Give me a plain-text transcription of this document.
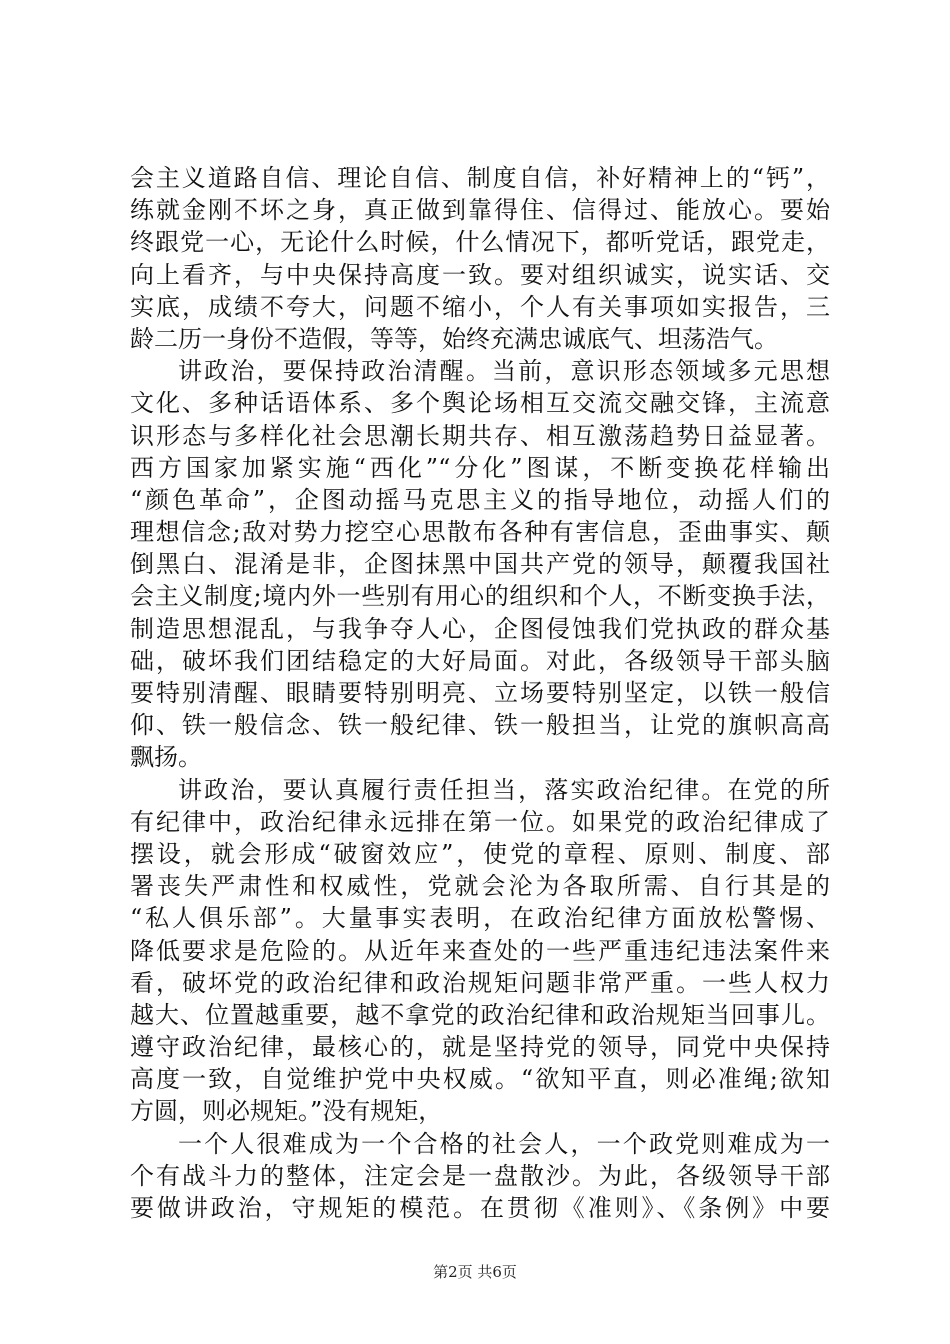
会主义道路自信、理论自信、制度自信，补好精神上的“钙”，
练就金刚不坏之身，真正做到靠得住、信得过、能放心。要始
终跟党一心，无论什么时候，什么情况下，都听党话，跟党走，
向上看齐，与中央保持高度一致。要对组织诚实，说实话、交
实底，成绩不夸大，问题不缩小，个人有关事项如实报告，三
龄二历一身份不造假，等等，始终充满忠诚底气、坦荡浩气。
讲政治，要保持政治清醒。当前，意识形态领域多元思想
文化、多种话语体系、多个舆论场相互交流交融交锋，主流意
识形态与多样化社会思潮长期共存、相互激荡趋势日益显著。
西方国家加紧实施“西化”“分化”图谋，不断变换花样输出
“颜色革命”，企图动摇马克思主义的指导地位，动摇人们的
理想信念;敌对势力挖空心思散布各种有害信息，歪曲事实、颠
倒黑白、混淆是非，企图抹黑中国共产党的领导，颠覆我国社
会主义制度;境内外一些别有用心的组织和个人，不断变换手法，
制造思想混乱，与我争夺人心，企图侵蚀我们党执政的群众基
础，破坏我们团结稳定的大好局面。对此，各级领导干部头脑
要特别清醒、眼睛要特别明亮、立场要特别坚定，以铁一般信
仰、铁一般信念、铁一般纪律、铁一般担当，让党的旗帜高高
飘扬。
讲政治，要认真履行责任担当，落实政治纪律。在党的所
有纪律中，政治纪律永远排在第一位。如果党的政治纪律成了
摆设，就会形成“破窗效应”，使党的章程、原则、制度、部
署丧失严肃性和权威性，党就会沦为各取所需、自行其是的
“私人俱乐部”。大量事实表明，在政治纪律方面放松警惕、
降低要求是危险的。从近年来查处的一些严重违纪违法案件来
看，破坏党的政治纪律和政治规矩问题非常严重。一些人权力
越大、位置越重要，越不拿党的政治纪律和政治规矩当回事儿。
遵守政治纪律，最核心的，就是坚持党的领导，同党中央保持
高度一致，自觉维护党中央权威。“欲知平直，则必准绳;欲知
方圆，则必规矩。”没有规矩，
一个人很难成为一个合格的社会人，一个政党则难成为一
个有战斗力的整体，注定会是一盘散沙。为此，各级领导干部
要做讲政治，守规矩的模范。在贯彻《准则》、《条例》中要
第2页 共6页
